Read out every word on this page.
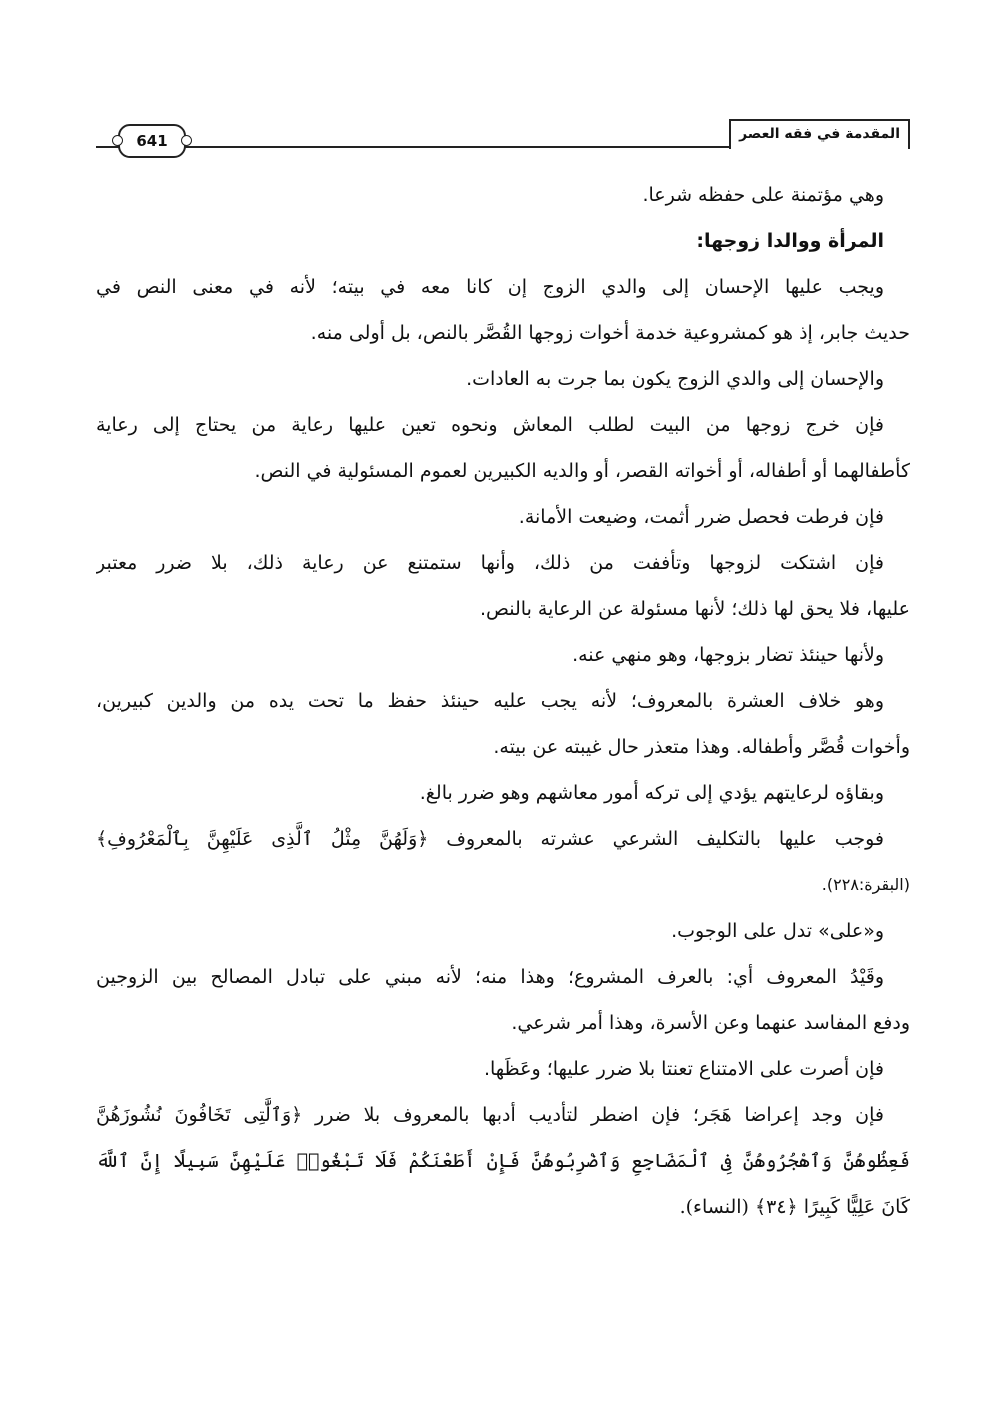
641	المقدمة في فقه العصر
وهي مؤتمنة على حفظه شرعا.
المرأة ووالدا زوجها:
ويجب عليها الإحسان إلى والدي الزوج إن كانا معه في بيته؛ لأنه في معنى النص في
حديث جابر، إذ هو كمشروعية خدمة أخوات زوجها القُصَّر بالنص، بل أولى منه.
والإحسان إلى والدي الزوج يكون بما جرت به العادات.
فإن خرج زوجها من البيت لطلب المعاش ونحوه تعين عليها رعاية من يحتاج إلى رعاية
كأطفالهما أو أطفاله، أو أخواته القصر، أو والديه الكبيرين لعموم المسئولية في النص.
فإن فرطت فحصل ضرر أثمت، وضيعت الأمانة.
فإن اشتكت لزوجها وتأففت من ذلك، وأنها ستمتنع عن رعاية ذلك، بلا ضرر معتبر
عليها، فلا يحق لها ذلك؛ لأنها مسئولة عن الرعاية بالنص.
ولأنها حينئذ تضار بزوجها، وهو منهي عنه.
وهو خلاف العشرة بالمعروف؛ لأنه يجب عليه حينئذ حفظ ما تحت يده من والدين كبيرين،
وأخوات قُصَّر وأطفاله. وهذا متعذر حال غيبته عن بيته.
وبقاؤه لرعايتهم يؤدي إلى تركه أمور معاشهم وهو ضرر بالغ.
فوجب عليها بالتكليف الشرعي عشرته بالمعروف ﴿وَلَهُنَّ مِثْلُ ٱلَّذِى عَلَيْهِنَّ بِٱلْمَعْرُوفِ﴾
(البقرة:٢٢٨).
و«على» تدل على الوجوب.
وقَيْدُ المعروف أي: بالعرف المشروع؛ وهذا منه؛ لأنه مبني على تبادل المصالح بين الزوجين
ودفع المفاسد عنهما وعن الأسرة، وهذا أمر شرعي.
فإن أصرت على الامتناع تعنتا بلا ضرر عليها؛ وعَظَها.
فإن وجد إعراضا هَجَر؛ فإن اضطر لتأديب أدبها بالمعروف بلا ضرر ﴿وَٱلَّٰتِى تَخَافُونَ نُشُوزَهُنَّ
فَعِظُوهُنَّ وَٱهْجُرُوهُنَّ فِى ٱلْمَضَاجِعِ وَٱضْرِبُوهُنَّ فَإِنْ أَطَعْنَكُمْ فَلَا تَبْغُوا۟ عَلَيْهِنَّ سَبِيلًا إِنَّ ٱللَّهَ
كَانَ عَلِيًّا كَبِيرًا ﴿٣٤﴾ (النساء).
